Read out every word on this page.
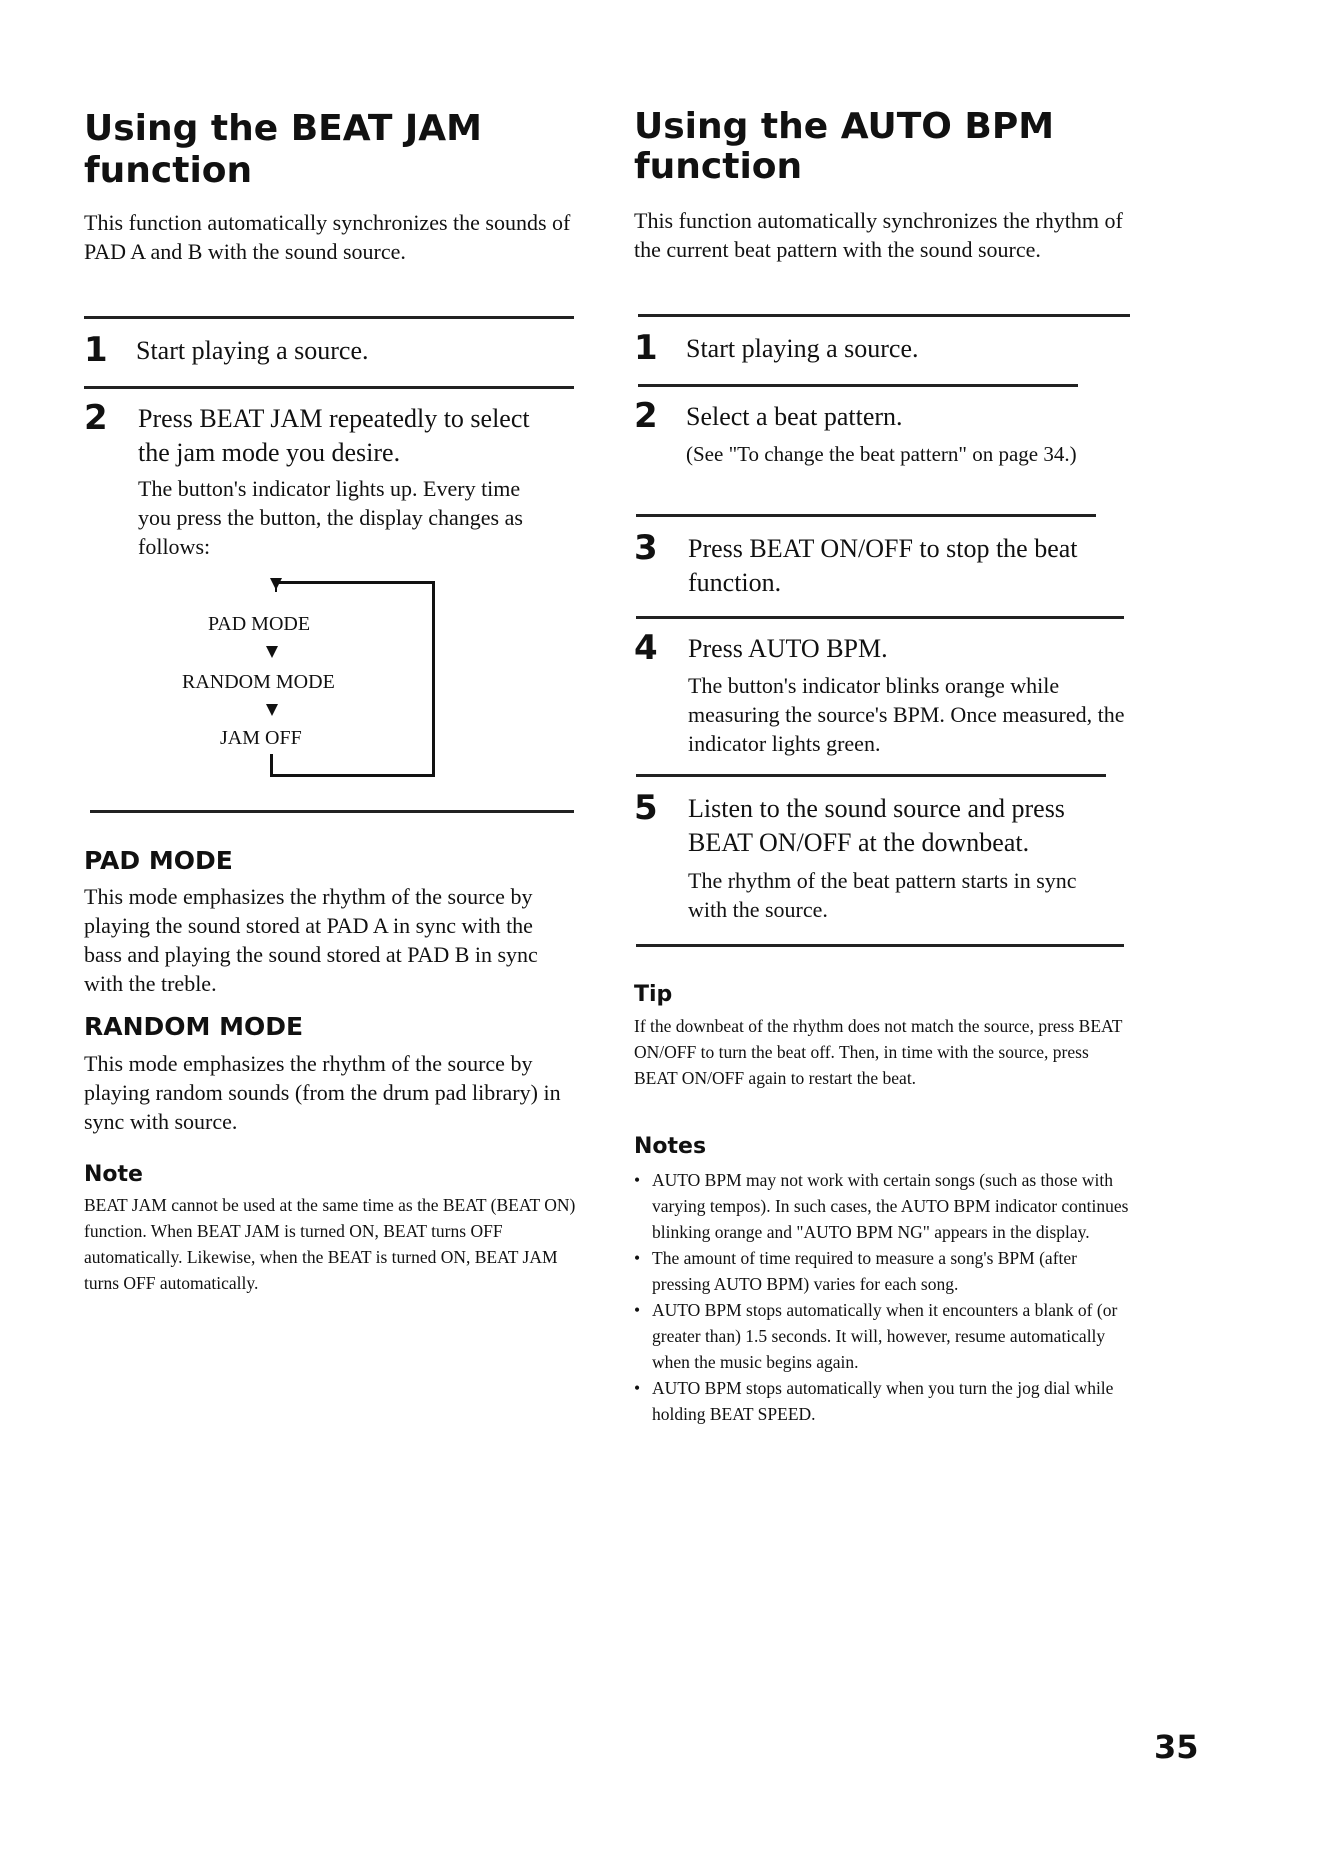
Using the BEAT JAM
function

This function automatically synchronizes the sounds of PAD A and B with the sound source.

1 Start playing a source.

2 Press BEAT JAM repeatedly to select the jam mode you desire.

The button's indicator lights up. Every time you press the button, the display changes as follows:

PAD MODE
RANDOM MODE
JAM OFF
PAD MODE

This mode emphasizes the rhythm of the source by playing the sound stored at PAD A in sync with the bass and playing the sound stored at PAD B in sync with the treble.

RANDOM MODE

This mode emphasizes the rhythm of the source by playing random sounds (from the drum pad library) in sync with source.

Note

BEAT JAM cannot be used at the same time as the BEAT (BEAT ON) function. When BEAT JAM is turned ON, BEAT turns OFF automatically. Likewise, when the BEAT is turned ON, BEAT JAM turns OFF automatically.

Using the AUTO BPM
function

This function automatically synchronizes the rhythm of the current beat pattern with the sound source.

1 Start playing a source.

2 Select a beat pattern.

(See "To change the beat pattern" on page 34.)

3 Press BEAT ON/OFF to stop the beat function.

4 Press AUTO BPM.

The button's indicator blinks orange while measuring the source's BPM. Once measured, the indicator lights green.

5 Listen to the sound source and press BEAT ON/OFF at the downbeat.

The rhythm of the beat pattern starts in sync with the source.

Tip

If the downbeat of the rhythm does not match the source, press BEAT ON/OFF to turn the beat off. Then, in time with the source, press BEAT ON/OFF again to restart the beat.

Notes
• AUTO BPM may not work with certain songs (such as those with varying tempos). In such cases, the AUTO BPM indicator continues blinking orange and "AUTO BPM NG" appears in the display.
• The amount of time required to measure a song's BPM (after pressing AUTO BPM) varies for each song.
• AUTO BPM stops automatically when it encounters a blank of (or greater than) 1.5 seconds. It will, however, resume automatically when the music begins again.
• AUTO BPM stops automatically when you turn the jog dial while holding BEAT SPEED.
35
